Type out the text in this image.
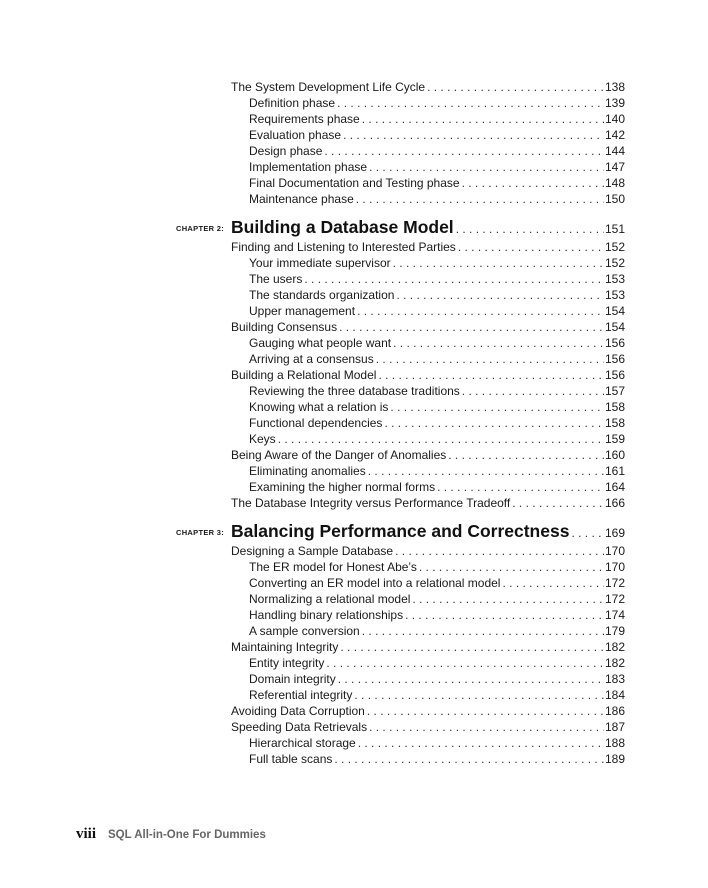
The System Development Life Cycle . . .	138
Definition phase . . .	139
Requirements phase . . .	140
Evaluation phase . . .	142
Design phase . . .	144
Implementation phase . . .	147
Final Documentation and Testing phase . . .	148
Maintenance phase . . .	150
CHAPTER 2: Building a Database Model . . .	151
Finding and Listening to Interested Parties . . .	152
Your immediate supervisor . . .	152
The users . . .	153
The standards organization . . .	153
Upper management . . .	154
Building Consensus . . .	154
Gauging what people want . . .	156
Arriving at a consensus . . .	156
Building a Relational Model . . .	156
Reviewing the three database traditions . . .	157
Knowing what a relation is . . .	158
Functional dependencies . . .	158
Keys . . .	159
Being Aware of the Danger of Anomalies . . .	160
Eliminating anomalies . . .	161
Examining the higher normal forms . . .	164
The Database Integrity versus Performance Tradeoff . . .	166
CHAPTER 3: Balancing Performance and Correctness . . .	169
Designing a Sample Database . . .	170
The ER model for Honest Abe’s . . .	170
Converting an ER model into a relational model . . .	172
Normalizing a relational model . . .	172
Handling binary relationships . . .	174
A sample conversion . . .	179
Maintaining Integrity . . .	182
Entity integrity . . .	182
Domain integrity . . .	183
Referential integrity . . .	184
Avoiding Data Corruption . . .	186
Speeding Data Retrievals . . .	187
Hierarchical storage . . .	188
Full table scans . . .	189
viii SQL All-in-One For Dummies
